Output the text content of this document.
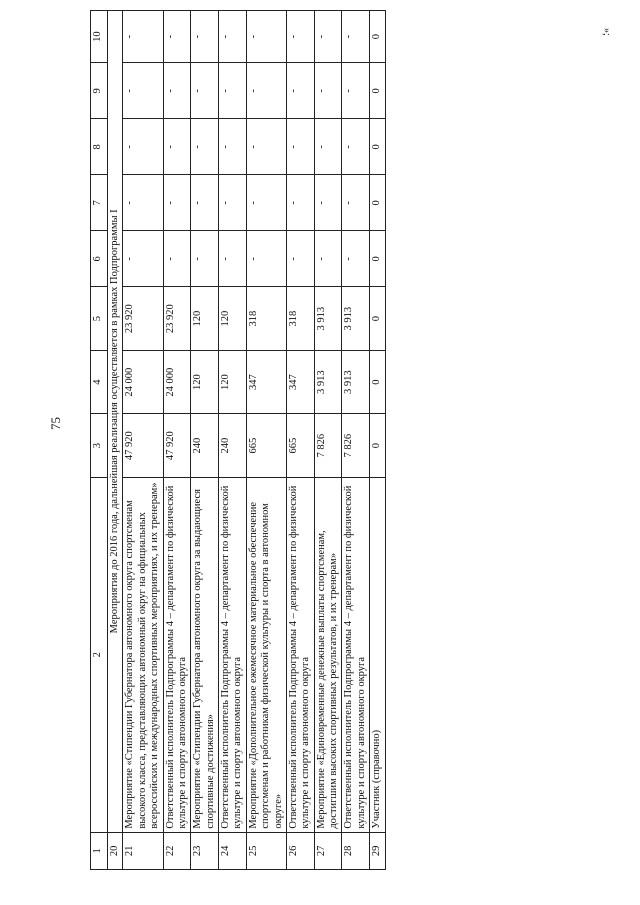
75
»;
1	2	3	4	5	6	7	8	9	10
20	Мероприятия до 2016 года, дальнейшая реализация осуществляется в рамках Подпрограммы I								
21	Мероприятие «Стипендии Губернатора автономного округа спортсменам высокого класса, представляющих автономный округ на официальных всероссийских и международных спортивных мероприятиях, и их тренерам»	47 920	24 000	23 920	-	-	-	-	-
22	Ответственный исполнитель Подпрограммы 4 – департамент по физической культуре и спорту автономного округа	47 920	24 000	23 920	-	-	-	-	-
23	Мероприятие «Стипендии Губернатора автономного округа за выдающиеся спортивные достижения»	240	120	120	-	-	-	-	-
24	Ответственный исполнитель Подпрограммы 4 – департамент по физической культуре и спорту автономного округа	240	120	120	-	-	-	-	-
25	Мероприятие «Дополнительное ежемесячное материальное обеспечение спортсменам и работникам физической культуры и спорта в автономном округе»	665	347	318	-	-	-	-	-
26	Ответственный исполнитель Подпрограммы 4 – департамент по физической культуре и спорту автономного округа	665	347	318	-	-	-	-	-
27	Мероприятие «Единовременные денежные выплаты спортсменам, достигшим высоких спортивных результатов, и их тренерам»	7 826	3 913	3 913	-	-	-	-	-
28	Ответственный исполнитель Подпрограммы 4 – департамент по физической культуре и спорту автономного округа	7 826	3 913	3 913	-	-	-	-	-
29	Участник (справочно)	0	0	0	0	0	0	0	0
